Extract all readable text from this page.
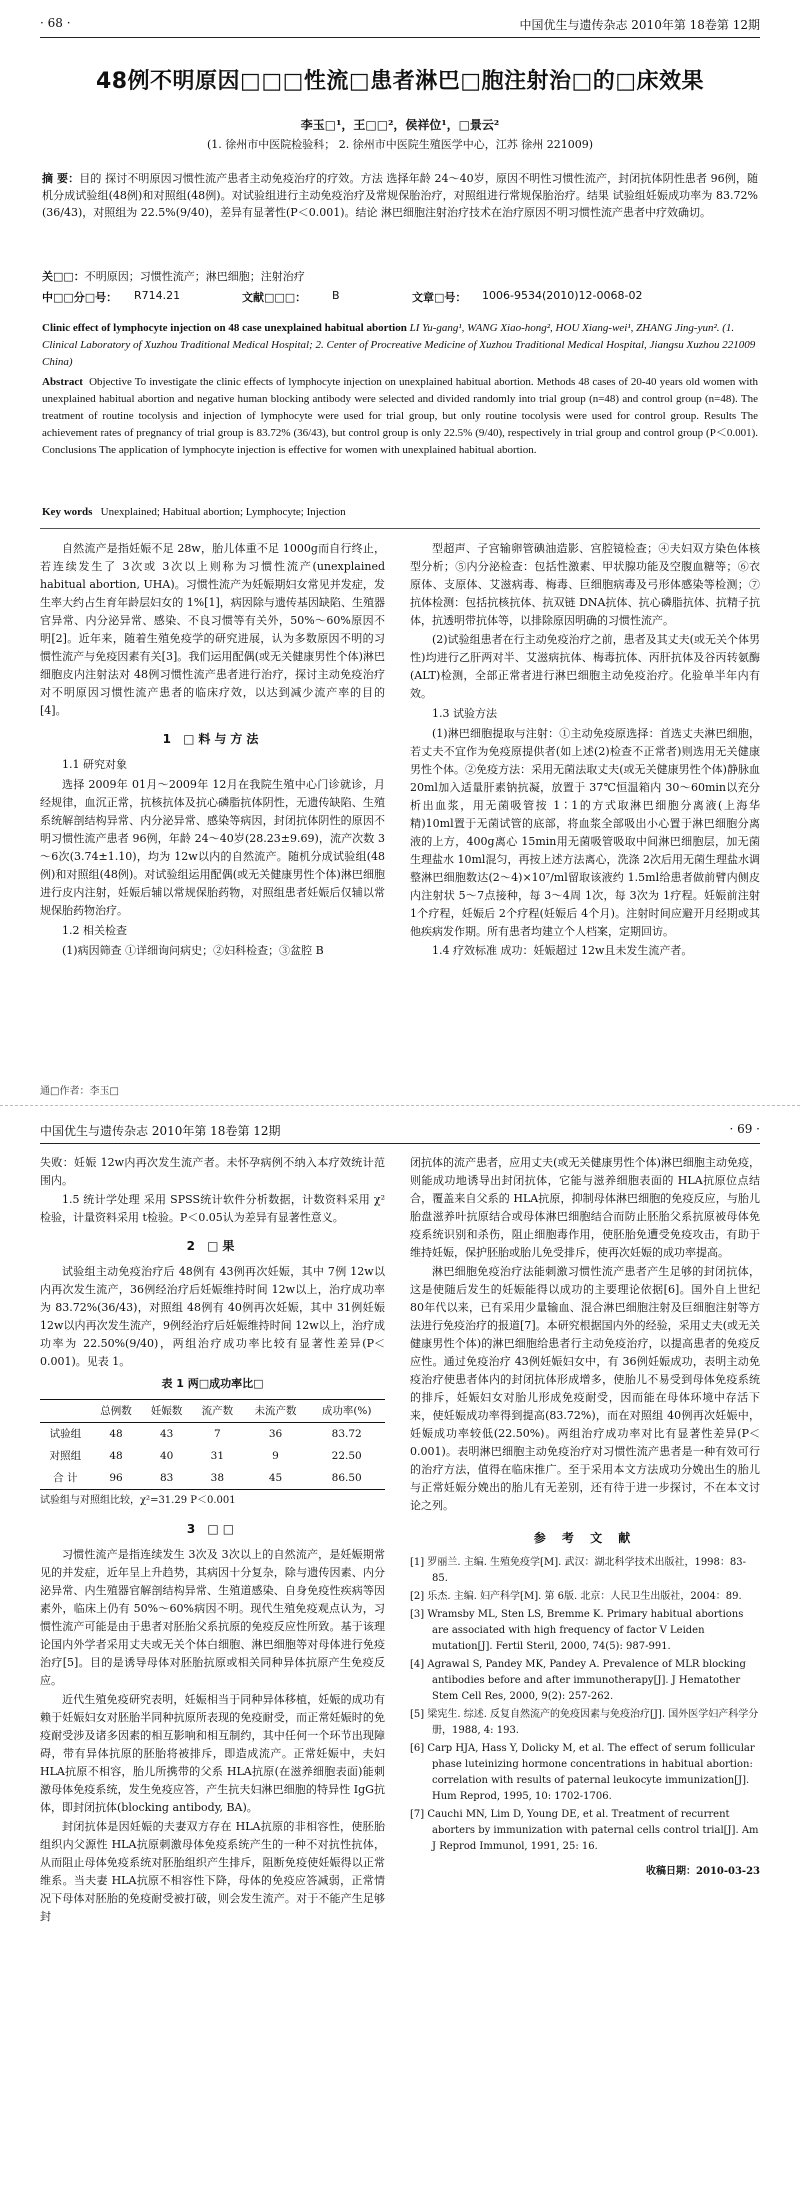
· 68 ·	中国优生与遗传杂志 2010年第 18卷第 12期
48例不明原因□□□性流□患者淋巴□胞注射治□的□床效果
李玉□¹，王□□²，侯祥位¹，□景云²
(1. 徐州市中医院检验科； 2. 徐州市中医院生殖医学中心，江苏 徐州 221009)
摘 要：目的 探讨不明原因习惯性流产患者主动免疫治疗的疗效。方法 选择年龄 24～40岁，原因不明性习惯性流产，封闭抗体阴性患者 96例，随机分成试验组(48例)和对照组(48例)。对试验组进行主动免疫治疗及常规保胎治疗，对照组进行常规保胎治疗。结果 试验组妊娠成功率为 83.72%(36/43)，对照组为 22.5%(9/40)，差异有显著性(P＜0.001)。结论 淋巴细胞注射治疗技术在治疗原因不明习惯性流产患者中疗效确切。
关□□：不明原因；习惯性流产；淋巴细胞；注射治疗
中□□分□号： R714.21	文献□□□： B	文章□号： 1006-9534(2010)12-0068-02
Clinic effect of lymphocyte injection on 48 case unexplained habitual abortion LI Yu-gang¹, WANG Xiao-hong², HOU Xiang-wei¹, ZHANG Jing-yun². (1. Clinical Laboratory of Xuzhou Traditional Medical Hospital; 2. Center of Procreative Medicine of Xuzhou Traditional Medical Hospital, Jiangsu Xuzhou 221009 China)
Abstract Objective To investigate the clinic effects of lymphocyte injection on unexplained habitual abortion. Methods 48 cases of 20-40 years old women with unexplained habitual abortion and negative human blocking antibody were selected and divided randomly into trial group (n=48) and control group (n=48). The treatment of routine tocolysis and injection of lymphocyte were used for trial group, but only routine tocolysis were used for control group. Results The achievement rates of pregnancy of trial group is 83.72% (36/43), but control group is only 22.5% (9/40), respectively in trial group and control group (P＜0.001). Conclusions The application of lymphocyte injection is effective for women with unexplained habitual abortion.
Key words Unexplained; Habitual abortion; Lymphocyte; Injection

自然流产是指妊娠不足 28w，胎儿体重不足 1000g而自行终止，若连续发生了 3次或 3次以上则称为习惯性流产(unexplained habitual abortion, UHA)。习惯性流产为妊娠期妇女常见并发症，发生率大约占生育年龄层妇女的 1%[1]，病因除与遗传基因缺陷、生殖器官异常、内分泌异常、感染、不良习惯等有关外，50%～60%原因不明[2]。近年来，随着生殖免疫学的研究进展，认为多数原因不明的习惯性流产与免疫因素有关[3]。我们运用配偶(或无关健康男性个体)淋巴细胞皮内注射法对 48例习惯性流产患者进行治疗，探讨主动免疫治疗对不明原因习惯性流产患者的临床疗效，以达到减少流产率的目的[4]。

1 □料与方法
1.1 研究对象

选择 2009年 01月～2009年 12月在我院生殖中心门诊就诊，月经规律，血沉正常，抗核抗体及抗心磷脂抗体阴性，无遗传缺陷、生殖系统解剖结构异常、内分泌异常、感染等病因，封闭抗体阴性的原因不明习惯性流产患者 96例，年龄 24～40岁(28.23±9.69)，流产次数 3～6次(3.74±1.10)，均为 12w以内的自然流产。随机分成试验组(48例)和对照组(48例)。对试验组运用配偶(或无关健康男性个体)淋巴细胞进行皮内注射，妊娠后辅以常规保胎药物，对照组患者妊娠后仅辅以常规保胎药物治疗。

1.2 相关检查

(1)病因筛查 ①详细询问病史；②妇科检查；③盆腔 B

通□作者：李玉□

型超声、子宫输卵管碘油造影、宫腔镜检查；④夫妇双方染色体核型分析；⑤内分泌检查：包括性激素、甲状腺功能及空腹血糖等；⑥衣原体、支原体、艾滋病毒、梅毒、巨细胞病毒及弓形体感染等检测；⑦抗体检测：包括抗核抗体、抗双链 DNA抗体、抗心磷脂抗体、抗精子抗体，抗透明带抗体等，以排除原因明确的习惯性流产。

(2)试验组患者在行主动免疫治疗之前，患者及其丈夫(或无关个体男性)均进行乙肝两对半、艾滋病抗体、梅毒抗体、丙肝抗体及谷丙转氨酶(ALT)检测，全部正常者进行淋巴细胞主动免疫治疗。化验单半年内有效。

1.3 试验方法

(1)淋巴细胞提取与注射：①主动免疫原选择：首选丈夫淋巴细胞，若丈夫不宜作为免疫原提供者(如上述(2)检查不正常者)则选用无关健康男性个体。②免疫方法：采用无菌法取丈夫(或无关健康男性个体)静脉血 20ml加入适量肝素钠抗凝，放置于 37℃恒温箱内 30～60min以充分析出血浆，用无菌吸管按 1∶1的方式取淋巴细胞分离液(上海华精)10ml置于无菌试管的底部，将血浆全部吸出小心置于淋巴细胞分离液的上方，400g离心 15min用无菌吸管吸取中间淋巴细胞层，加无菌生理盐水 10ml混匀，再按上述方法离心，洗涤 2次后用无菌生理盐水调整淋巴细胞数达(2～4)×10⁷/ml留取该液约 1.5ml给患者做前臂内侧皮内注射状 5～7点接种，每 3～4周 1次，每 3次为 1疗程。妊娠前注射 1个疗程，妊娠后 2个疗程(妊娠后 4个月)。注射时间应避开月经期或其他疾病发作期。所有患者均建立个人档案，定期回访。

1.4 疗效标准 成功：妊娠超过 12w且未发生流产者。

中国优生与遗传杂志 2010年第 18卷第 12期	· 69 ·

失败：妊娠 12w内再次发生流产者。未怀孕病例不纳入本疗效统计范围内。

1.5 统计学处理 采用 SPSS统计软件分析数据，计数资料采用 χ²检验，计量资料采用 t检验。P＜0.05认为差异有显著性意义。

2 □果

试验组主动免疫治疗后 48例有 43例再次妊娠，其中 7例 12w以内再次发生流产，36例经治疗后妊娠维持时间 12w以上，治疗成功率为 83.72%(36/43)，对照组 48例有 40例再次妊娠，其中 31例妊娠 12w以内再次发生流产，9例经治疗后妊娠维持时间 12w以上，治疗成功率为 22.50%(9/40)，两组治疗成功率比较有显著性差异(P＜0.001)。见表 1。

表 1 两□成功率比□
	总例数	妊娠数	流产数	未流产数	成功率(%)
试验组	48	43	7	36	83.72
对照组	48	40	31	9	22.50
合 计	96	83	38	45	86.50
试验组与对照组比较，χ²=31.29 P＜0.001
3 □□

习惯性流产是指连续发生 3次及 3次以上的自然流产，是妊娠期常见的并发症，近年呈上升趋势，其病因十分复杂，除与遗传因素、内分泌异常、内生殖器官解剖结构异常、生殖道感染、自身免疫性疾病等因素外，临床上仍有 50%～60%病因不明。现代生殖免疫观点认为，习惯性流产可能是由于患者对胚胎父系抗原的免疫反应性所致。基于该理论国内外学者采用丈夫或无关个体白细胞、淋巴细胞等对母体进行免疫治疗[5]。目的是诱导母体对胚胎抗原或相关同种异体抗原产生免疫反应。

近代生殖免疫研究表明，妊娠相当于同种异体移植，妊娠的成功有赖于妊娠妇女对胚胎半同种抗原所表现的免疫耐受，而正常妊娠时的免疫耐受涉及诸多因素的相互影响和相互制约，其中任何一个环节出现障碍，带有异体抗原的胚胎将被排斥，即造成流产。正常妊娠中，夫妇 HLA抗原不相容，胎儿所携带的父系 HLA抗原(在滋养细胞表面)能刺激母体免疫系统，发生免疫应答，产生抗夫妇淋巴细胞的特异性 IgG抗体，即封闭抗体(blocking antibody, BA)。

封闭抗体是因妊娠的夫妻双方存在 HLA抗原的非相容性，使胚胎组织内父源性 HLA抗原刺激母体免疫系统产生的一种不对抗性抗体，从而阻止母体免疫系统对胚胎组织产生排斥，阻断免疫使妊娠得以正常维系。当夫妻 HLA抗原不相容性下降，母体的免疫应答减弱，正常情况下母体对胚胎的免疫耐受被打破，则会发生流产。对于不能产生足够封

闭抗体的流产患者，应用丈夫(或无关健康男性个体)淋巴细胞主动免疫，则能成功地诱导出封闭抗体，它能与滋养细胞表面的 HLA抗原位点结合，覆盖来自父系的 HLA抗原，抑制母体淋巴细胞的免疫反应，与胎儿胎盘滋养叶抗原结合或母体淋巴细胞结合而防止胚胎父系抗原被母体免疫系统识别和杀伤，阻止细胞毒作用，使胚胎免遭受免疫攻击，有助于维持妊娠，保护胚胎或胎儿免受排斥，使再次妊娠的成功率提高。

淋巴细胞免疫治疗法能刺激习惯性流产患者产生足够的封闭抗体，这是使随后发生的妊娠能得以成功的主要理论依据[6]。国外自上世纪 80年代以来，已有采用少量输血、混合淋巴细胞注射及巨细胞注射等方法进行免疫治疗的报道[7]。本研究根据国内外的经验，采用丈夫(或无关健康男性个体)的淋巴细胞给患者行主动免疫治疗，以提高患者的免疫反应性。通过免疫治疗 43例妊娠妇女中，有 36例妊娠成功，表明主动免疫治疗使患者体内的封闭抗体形成增多，使胎儿不易受到母体免疫系统的排斥，妊娠妇女对胎儿形成免疫耐受，因而能在母体环境中存活下来，使妊娠成功率得到提高(83.72%)，而在对照组 40例再次妊娠中，妊娠成功率较低(22.50%)。两组治疗成功率对比有显著性差异(P＜0.001)。表明淋巴细胞主动免疫治疗对习惯性流产患者是一种有效可行的治疗方法，值得在临床推广。至于采用本文方法成功分娩出生的胎儿与正常妊娠分娩出的胎儿有无差别，还有待于进一步探讨，不在本文讨论之列。

参 考 文 献
[1] 罗丽兰. 主编. 生殖免疫学[M]. 武汉：湖北科学技术出版社，1998：83-85.
[2] 乐杰. 主编. 妇产科学[M]. 第 6版. 北京：人民卫生出版社，2004：89.
[3] Wramsby ML, Sten LS, Bremme K. Primary habitual abortions are associated with high frequency of factor V Leiden mutation[J]. Fertil Steril, 2000, 74(5): 987-991.
[4] Agrawal S, Pandey MK, Pandey A. Prevalence of MLR blocking antibodies before and after immunotherapy[J]. J Hematother Stem Cell Res, 2000, 9(2): 257-262.
[5] 梁宪生. 综述. 反复自然流产的免疫因素与免疫治疗[J]. 国外医学妇产科学分册，1988, 4: 193.
[6] Carp HJA, Hass Y, Dolicky M, et al. The effect of serum follicular phase luteinizing hormone concentrations in habitual abortion: correlation with results of paternal leukocyte immunization[J]. Hum Reprod, 1995, 10: 1702-1706.
[7] Cauchi MN, Lim D, Young DE, et al. Treatment of recurrent aborters by immunization with paternal cells control trial[J]. Am J Reprod Immunol, 1991, 25: 16.
收稿日期：2010-03-23
